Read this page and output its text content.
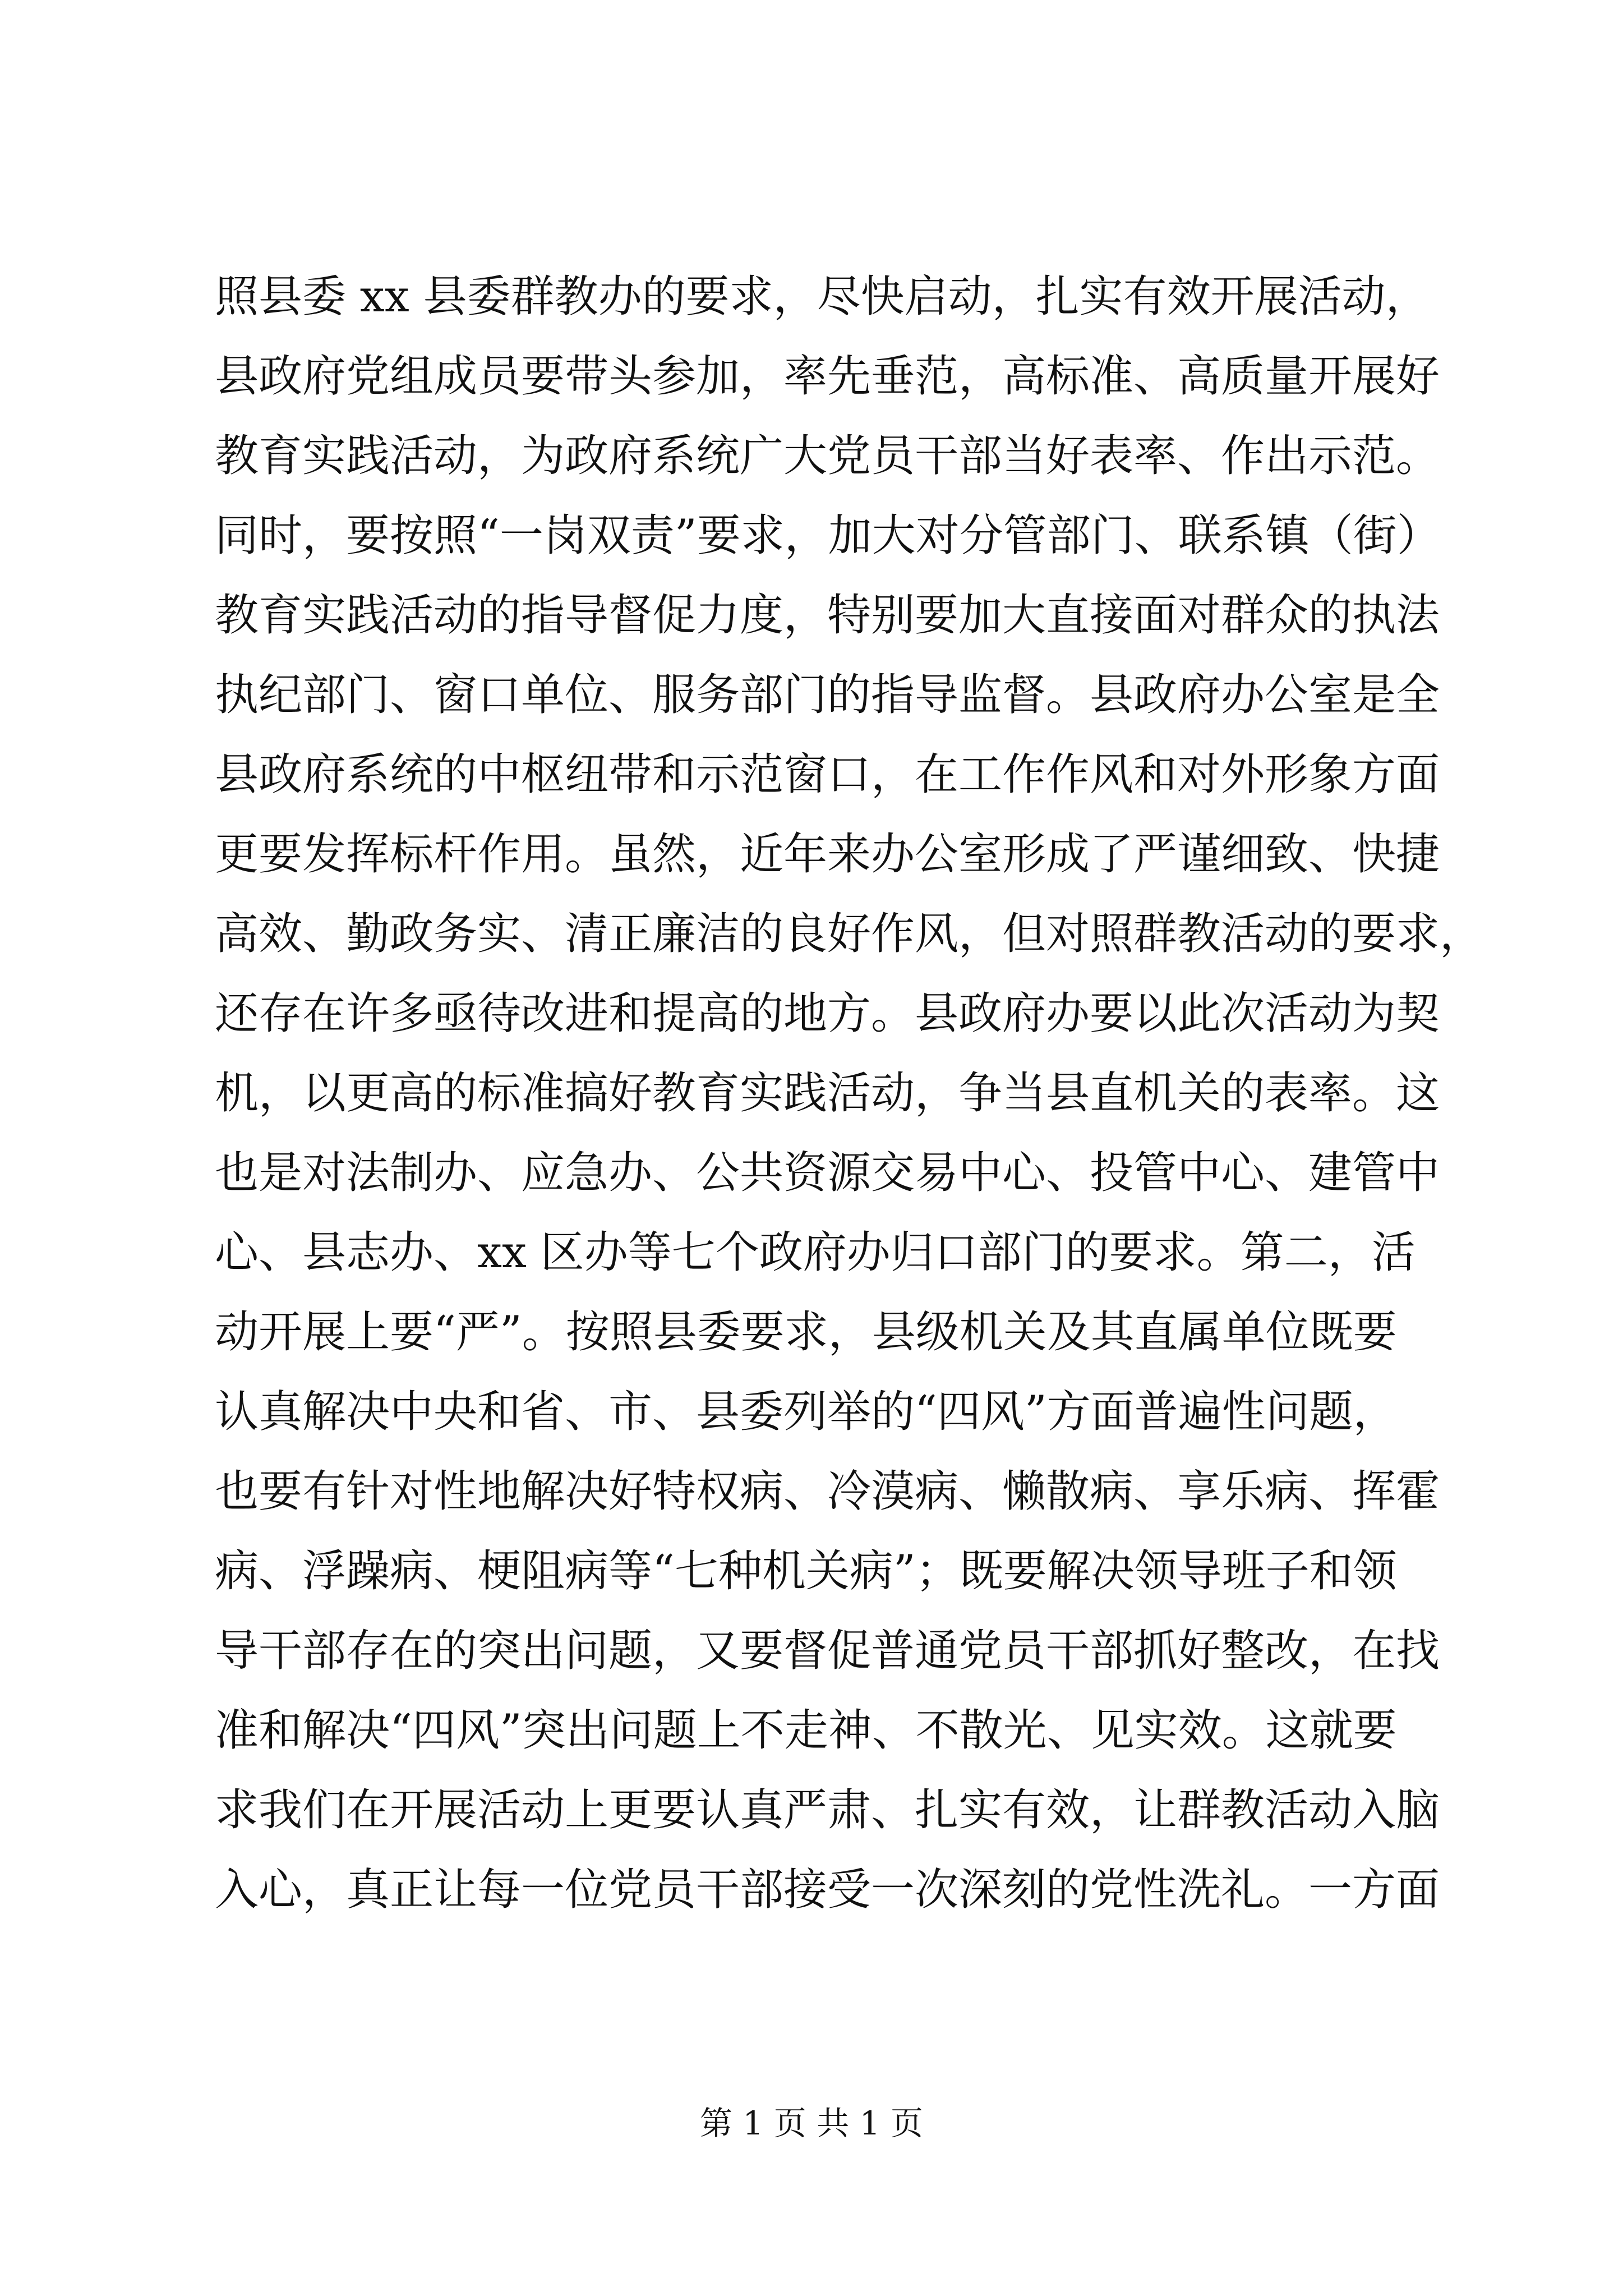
照县委 xx 县委群教办的要求，尽快启动，扎实有效开展活动，
县政府党组成员要带头参加，率先垂范，高标准、高质量开展好
教育实践活动，为政府系统广大党员干部当好表率、作出示范。
同时，要按照“一岗双责”要求，加大对分管部门、联系镇（街）
教育实践活动的指导督促力度，特别要加大直接面对群众的执法
执纪部门、窗口单位、服务部门的指导监督。县政府办公室是全
县政府系统的中枢纽带和示范窗口，在工作作风和对外形象方面
更要发挥标杆作用。虽然，近年来办公室形成了严谨细致、快捷
高效、勤政务实、清正廉洁的良好作风，但对照群教活动的要求，
还存在许多亟待改进和提高的地方。县政府办要以此次活动为契
机，以更高的标准搞好教育实践活动，争当县直机关的表率。这
也是对法制办、应急办、公共资源交易中心、投管中心、建管中
心、县志办、xx 区办等七个政府办归口部门的要求。第二，活
动开展上要“严”。按照县委要求，县级机关及其直属单位既要
认真解决中央和省、市、县委列举的“四风”方面普遍性问题，
也要有针对性地解决好特权病、冷漠病、懒散病、享乐病、挥霍
病、浮躁病、梗阻病等“七种机关病”；既要解决领导班子和领
导干部存在的突出问题，又要督促普通党员干部抓好整改，在找
准和解决“四风”突出问题上不走神、不散光、见实效。这就要
求我们在开展活动上更要认真严肃、扎实有效，让群教活动入脑
入心，真正让每一位党员干部接受一次深刻的党性洗礼。一方面
第 1 页 共 1 页
